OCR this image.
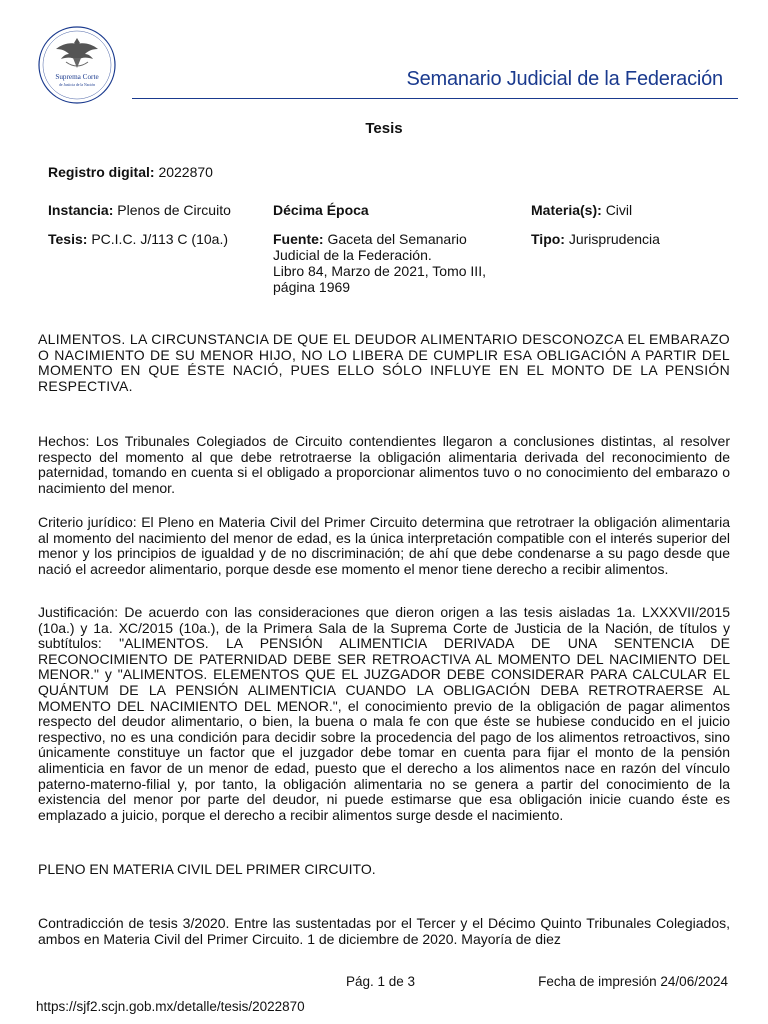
Suprema Corte
de Justicia de la Nación	Semanario Judicial de la Federación
Tesis
Registro digital: 2022870
Instancia: Plenos de Circuito	Décima Época	Materia(s): Civil
Tesis: PC.I.C. J/113 C (10a.)	Fuente: Gaceta del Semanario
Judicial de la Federación.
Libro 84, Marzo de 2021, Tomo III,
página 1969
Tipo: Jurisprudencia
ALIMENTOS. LA CIRCUNSTANCIA DE QUE EL DEUDOR ALIMENTARIO DESCONOZCA EL EMBARAZO O NACIMIENTO DE SU MENOR HIJO, NO LO LIBERA DE CUMPLIR ESA OBLIGACIÓN A PARTIR DEL MOMENTO EN QUE ÉSTE NACIÓ, PUES ELLO SÓLO INFLUYE EN EL MONTO DE LA PENSIÓN RESPECTIVA.
Hechos: Los Tribunales Colegiados de Circuito contendientes llegaron a conclusiones distintas, al resolver respecto del momento al que debe retrotraerse la obligación alimentaria derivada del reconocimiento de paternidad, tomando en cuenta si el obligado a proporcionar alimentos tuvo o no conocimiento del embarazo o nacimiento del menor.
Criterio jurídico: El Pleno en Materia Civil del Primer Circuito determina que retrotraer la obligación alimentaria al momento del nacimiento del menor de edad, es la única interpretación compatible con el interés superior del menor y los principios de igualdad y de no discriminación; de ahí que debe condenarse a su pago desde que nació el acreedor alimentario, porque desde ese momento el menor tiene derecho a recibir alimentos.
Justificación: De acuerdo con las consideraciones que dieron origen a las tesis aisladas 1a. LXXXVII/2015 (10a.) y 1a. XC/2015 (10a.), de la Primera Sala de la Suprema Corte de Justicia de la Nación, de títulos y subtítulos: "ALIMENTOS. LA PENSIÓN ALIMENTICIA DERIVADA DE UNA SENTENCIA DE RECONOCIMIENTO DE PATERNIDAD DEBE SER RETROACTIVA AL MOMENTO DEL NACIMIENTO DEL MENOR." y "ALIMENTOS. ELEMENTOS QUE EL JUZGADOR DEBE CONSIDERAR PARA CALCULAR EL QUÁNTUM DE LA PENSIÓN ALIMENTICIA CUANDO LA OBLIGACIÓN DEBA RETROTRAERSE AL MOMENTO DEL NACIMIENTO DEL MENOR.", el conocimiento previo de la obligación de pagar alimentos respecto del deudor alimentario, o bien, la buena o mala fe con que éste se hubiese conducido en el juicio respectivo, no es una condición para decidir sobre la procedencia del pago de los alimentos retroactivos, sino únicamente constituye un factor que el juzgador debe tomar en cuenta para fijar el monto de la pensión alimenticia en favor de un menor de edad, puesto que el derecho a los alimentos nace en razón del vínculo paterno-materno-filial y, por tanto, la obligación alimentaria no se genera a partir del conocimiento de la existencia del menor por parte del deudor, ni puede estimarse que esa obligación inicie cuando éste es emplazado a juicio, porque el derecho a recibir alimentos surge desde el nacimiento.
PLENO EN MATERIA CIVIL DEL PRIMER CIRCUITO.
Contradicción de tesis 3/2020. Entre las sustentadas por el Tercer y el Décimo Quinto Tribunales Colegiados, ambos en Materia Civil del Primer Circuito. 1 de diciembre de 2020. Mayoría de diez
Pág. 1 de 3	Fecha de impresión 24/06/2024
https://sjf2.scjn.gob.mx/detalle/tesis/2022870
